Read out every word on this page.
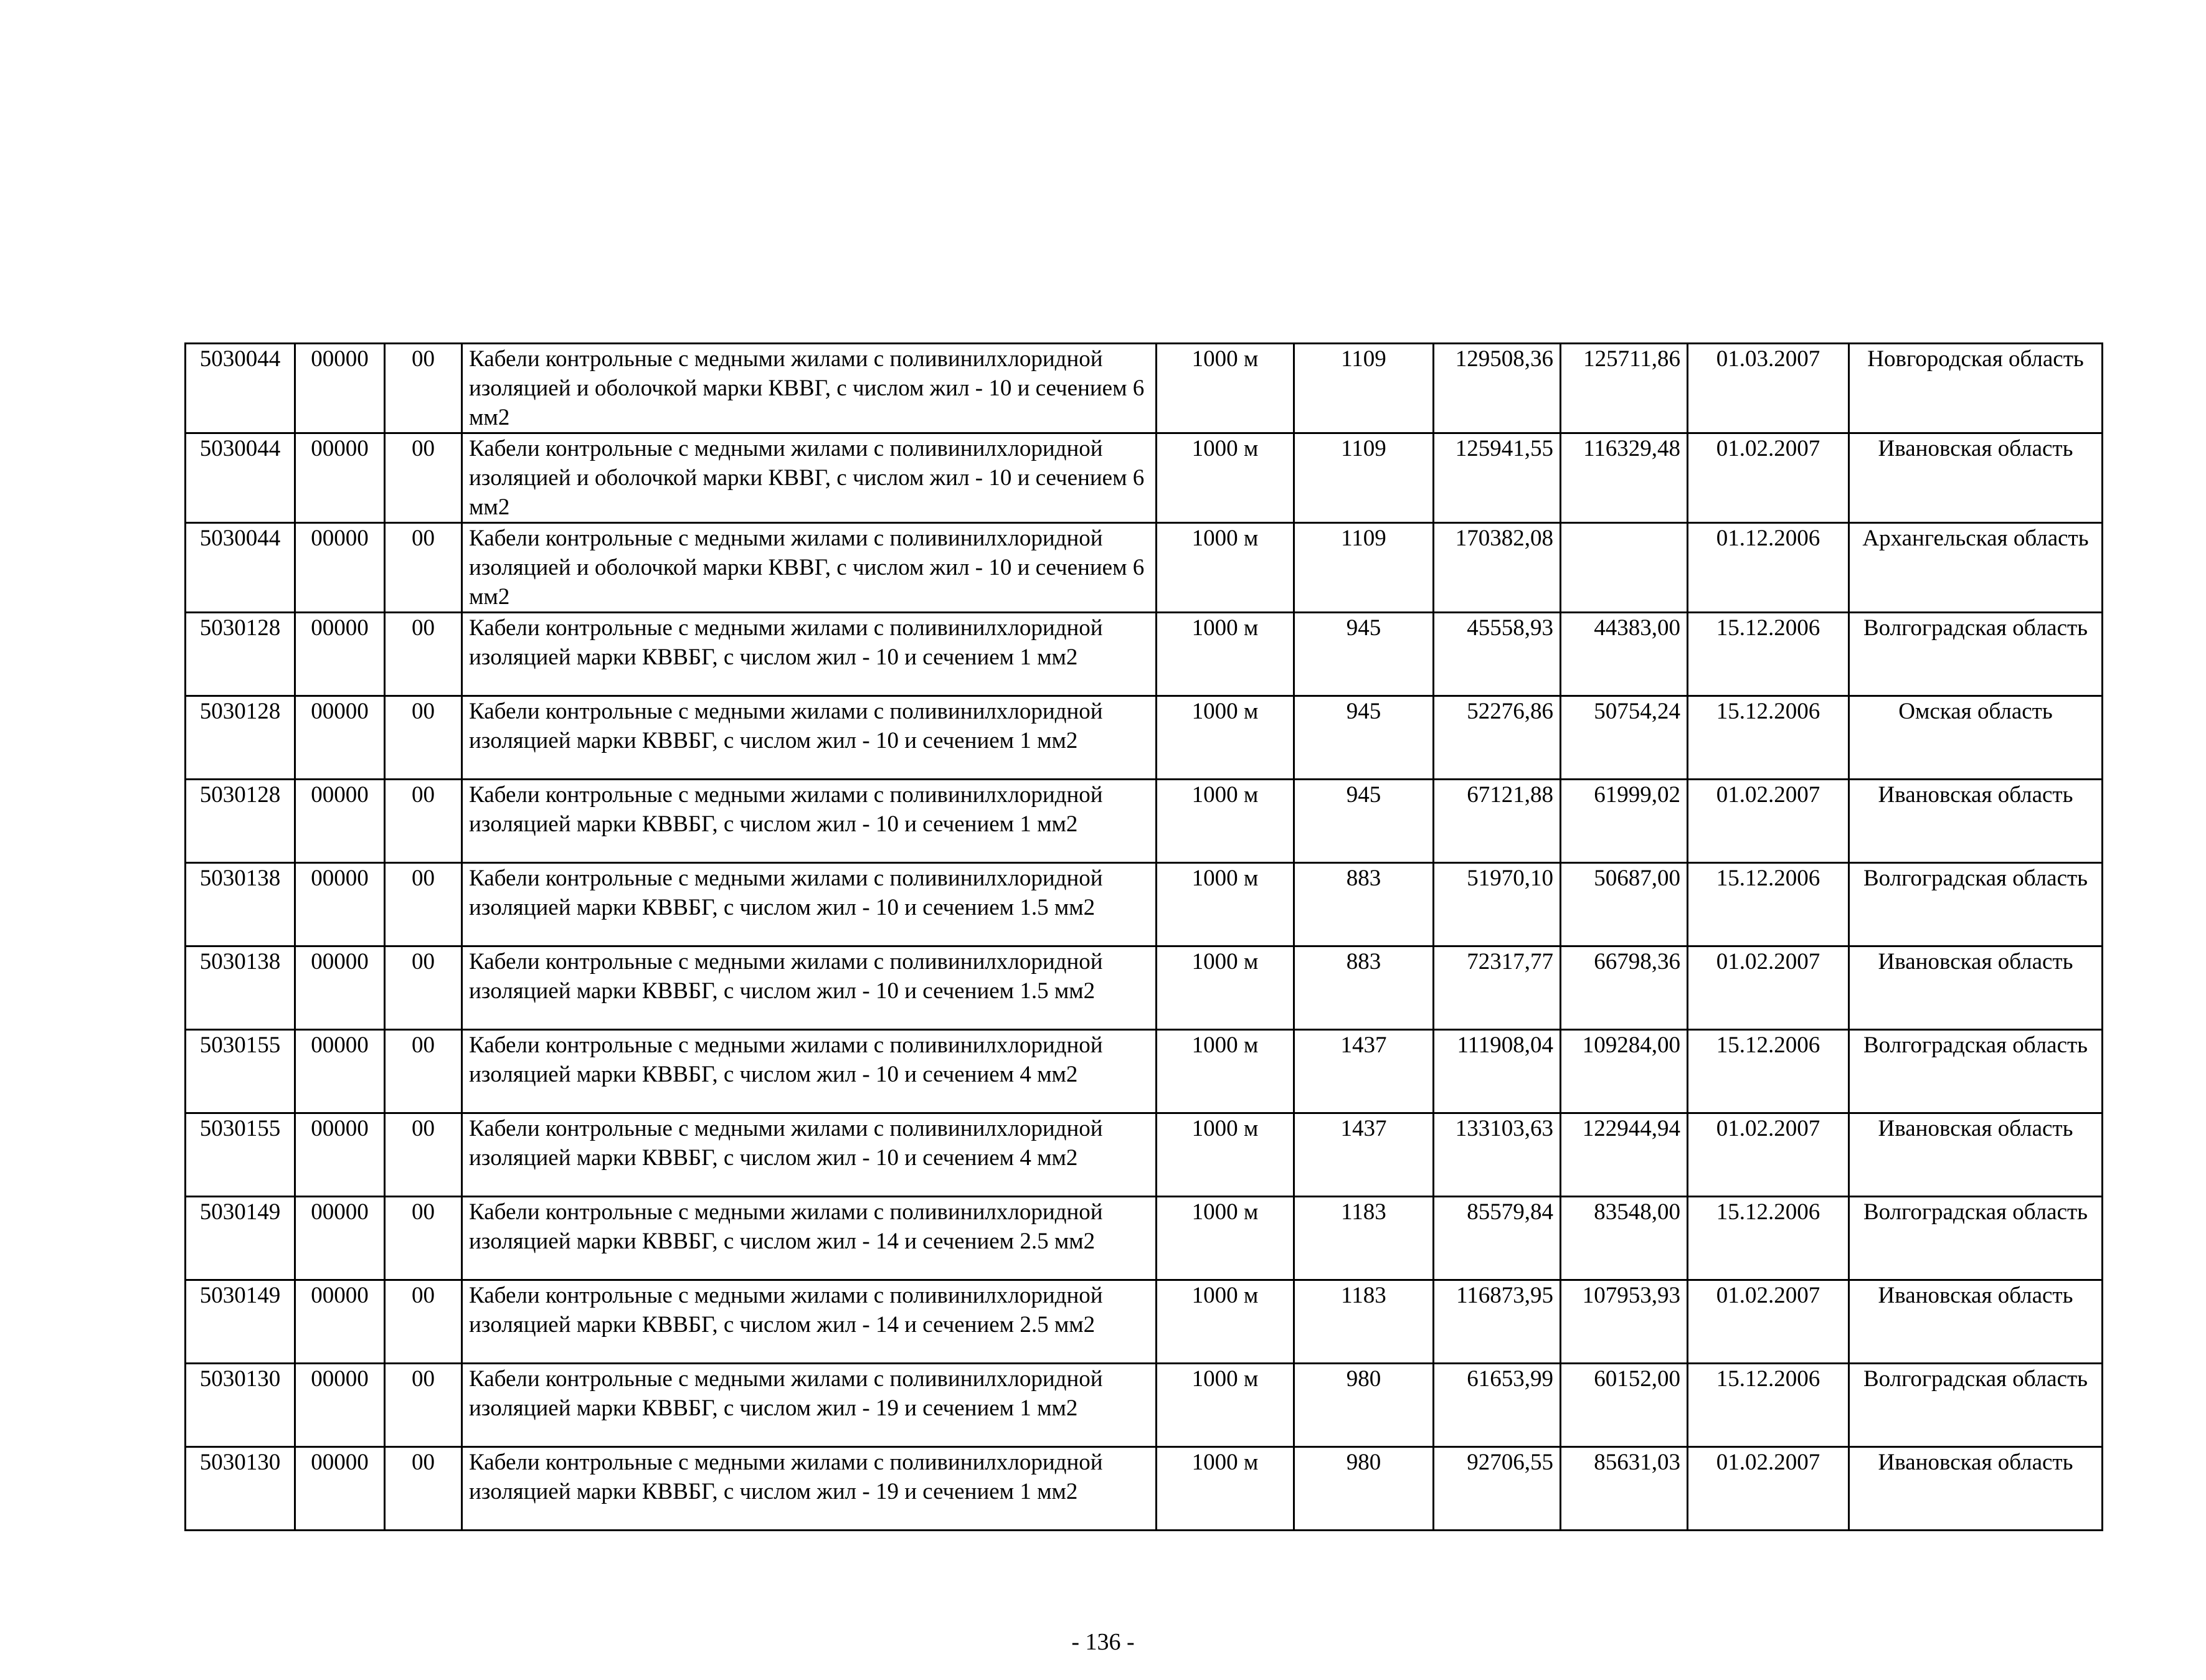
5030044	00000	00	Кабели контрольные с медными жилами с поливинилхлоридной изоляцией и оболочкой марки КВВГ, с числом жил - 10 и сечением 6 мм2	1000 м	1109	129508,36	125711,86	01.03.2007	Новгородская область
5030044	00000	00	Кабели контрольные с медными жилами с поливинилхлоридной изоляцией и оболочкой марки КВВГ, с числом жил - 10 и сечением 6 мм2	1000 м	1109	125941,55	116329,48	01.02.2007	Ивановская область
5030044	00000	00	Кабели контрольные с медными жилами с поливинилхлоридной изоляцией и оболочкой марки КВВГ, с числом жил - 10 и сечением 6 мм2	1000 м	1109	170382,08		01.12.2006	Архангельская область
5030128	00000	00	Кабели контрольные с медными жилами с поливинилхлоридной изоляцией марки КВВБГ, с числом жил - 10 и сечением 1 мм2	1000 м	945	45558,93	44383,00	15.12.2006	Волгоградская область
5030128	00000	00	Кабели контрольные с медными жилами с поливинилхлоридной изоляцией марки КВВБГ, с числом жил - 10 и сечением 1 мм2	1000 м	945	52276,86	50754,24	15.12.2006	Омская область
5030128	00000	00	Кабели контрольные с медными жилами с поливинилхлоридной изоляцией марки КВВБГ, с числом жил - 10 и сечением 1 мм2	1000 м	945	67121,88	61999,02	01.02.2007	Ивановская область
5030138	00000	00	Кабели контрольные с медными жилами с поливинилхлоридной изоляцией марки КВВБГ, с числом жил - 10 и сечением 1.5 мм2	1000 м	883	51970,10	50687,00	15.12.2006	Волгоградская область
5030138	00000	00	Кабели контрольные с медными жилами с поливинилхлоридной изоляцией марки КВВБГ, с числом жил - 10 и сечением 1.5 мм2	1000 м	883	72317,77	66798,36	01.02.2007	Ивановская область
5030155	00000	00	Кабели контрольные с медными жилами с поливинилхлоридной изоляцией марки КВВБГ, с числом жил - 10 и сечением 4 мм2	1000 м	1437	111908,04	109284,00	15.12.2006	Волгоградская область
5030155	00000	00	Кабели контрольные с медными жилами с поливинилхлоридной изоляцией марки КВВБГ, с числом жил - 10 и сечением 4 мм2	1000 м	1437	133103,63	122944,94	01.02.2007	Ивановская область
5030149	00000	00	Кабели контрольные с медными жилами с поливинилхлоридной изоляцией марки КВВБГ, с числом жил - 14 и сечением 2.5 мм2	1000 м	1183	85579,84	83548,00	15.12.2006	Волгоградская область
5030149	00000	00	Кабели контрольные с медными жилами с поливинилхлоридной изоляцией марки КВВБГ, с числом жил - 14 и сечением 2.5 мм2	1000 м	1183	116873,95	107953,93	01.02.2007	Ивановская область
5030130	00000	00	Кабели контрольные с медными жилами с поливинилхлоридной изоляцией марки КВВБГ, с числом жил - 19 и сечением 1 мм2	1000 м	980	61653,99	60152,00	15.12.2006	Волгоградская область
5030130	00000	00	Кабели контрольные с медными жилами с поливинилхлоридной изоляцией марки КВВБГ, с числом жил - 19 и сечением 1 мм2	1000 м	980	92706,55	85631,03	01.02.2007	Ивановская область
- 136 -
